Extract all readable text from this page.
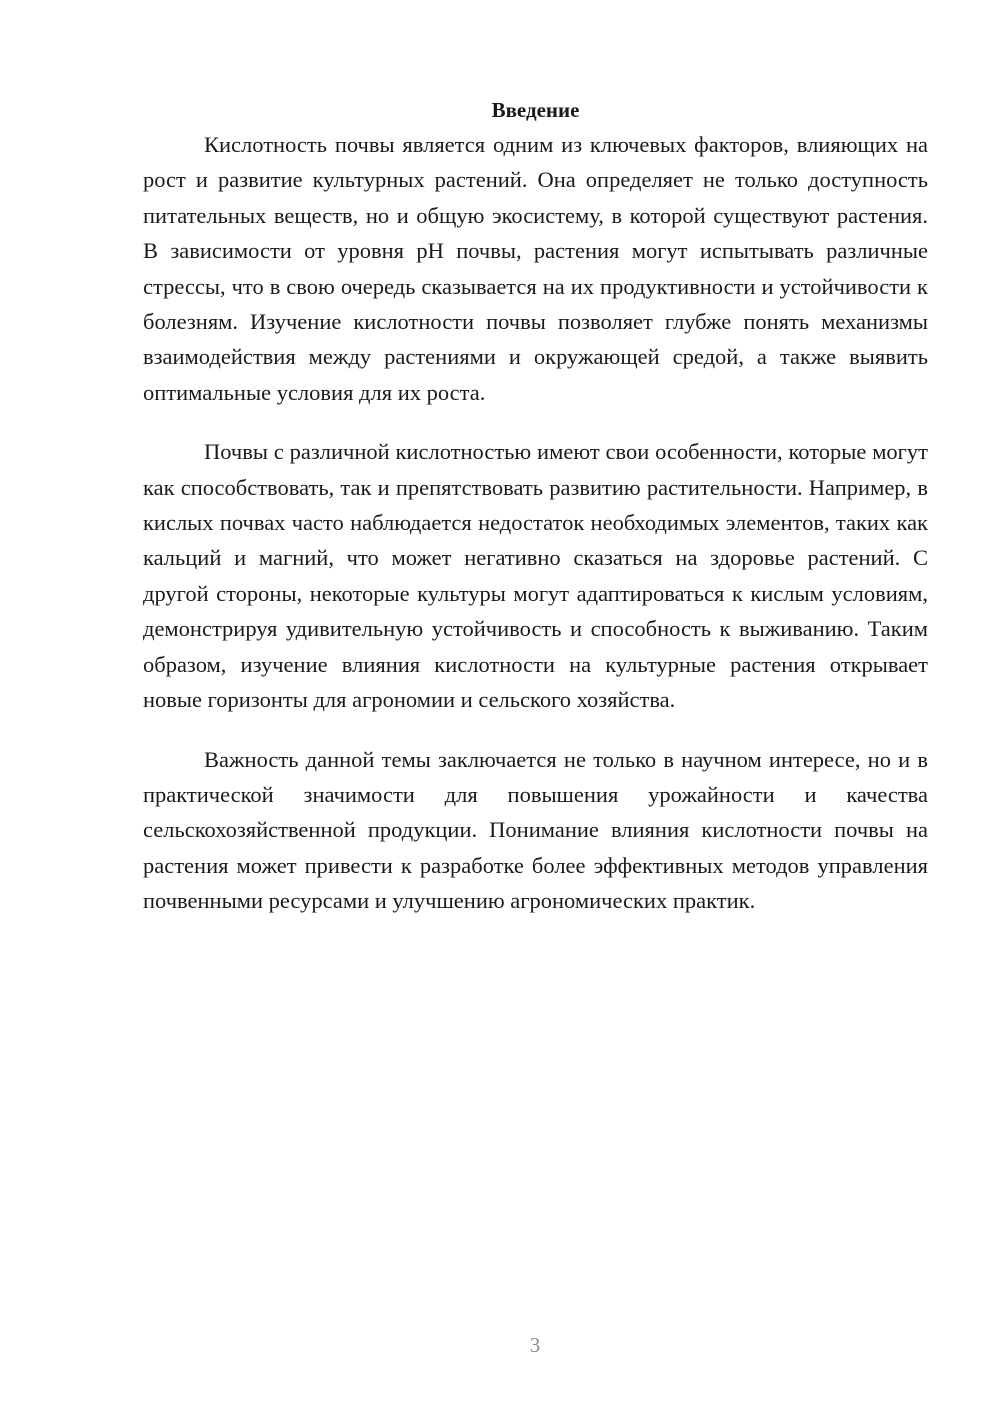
Введение

Кислотность почвы является одним из ключевых факторов, влияющих на рост и развитие культурных растений. Она определяет не только доступность питательных веществ, но и общую экосистему, в которой существуют растения. В зависимости от уровня pH почвы, растения могут испытывать различные стрессы, что в свою очередь сказывается на их продуктивности и устойчивости к болезням. Изучение кислотности почвы позволяет глубже понять механизмы взаимодействия между растениями и окружающей средой, а также выявить оптимальные условия для их роста.

Почвы с различной кислотностью имеют свои особенности, которые могут как способствовать, так и препятствовать развитию растительности. Например, в кислых почвах часто наблюдается недостаток необходимых элементов, таких как кальций и магний, что может негативно сказаться на здоровье растений. С другой стороны, некоторые культуры могут адаптироваться к кислым условиям, демонстрируя удивительную устойчивость и способность к выживанию. Таким образом, изучение влияния кислотности на культурные растения открывает новые горизонты для агрономии и сельского хозяйства.

Важность данной темы заключается не только в научном интересе, но и в практической значимости для повышения урожайности и качества сельскохозяйственной продукции. Понимание влияния кислотности почвы на растения может привести к разработке более эффективных методов управления почвенными ресурсами и улучшению агрономических практик.

3
